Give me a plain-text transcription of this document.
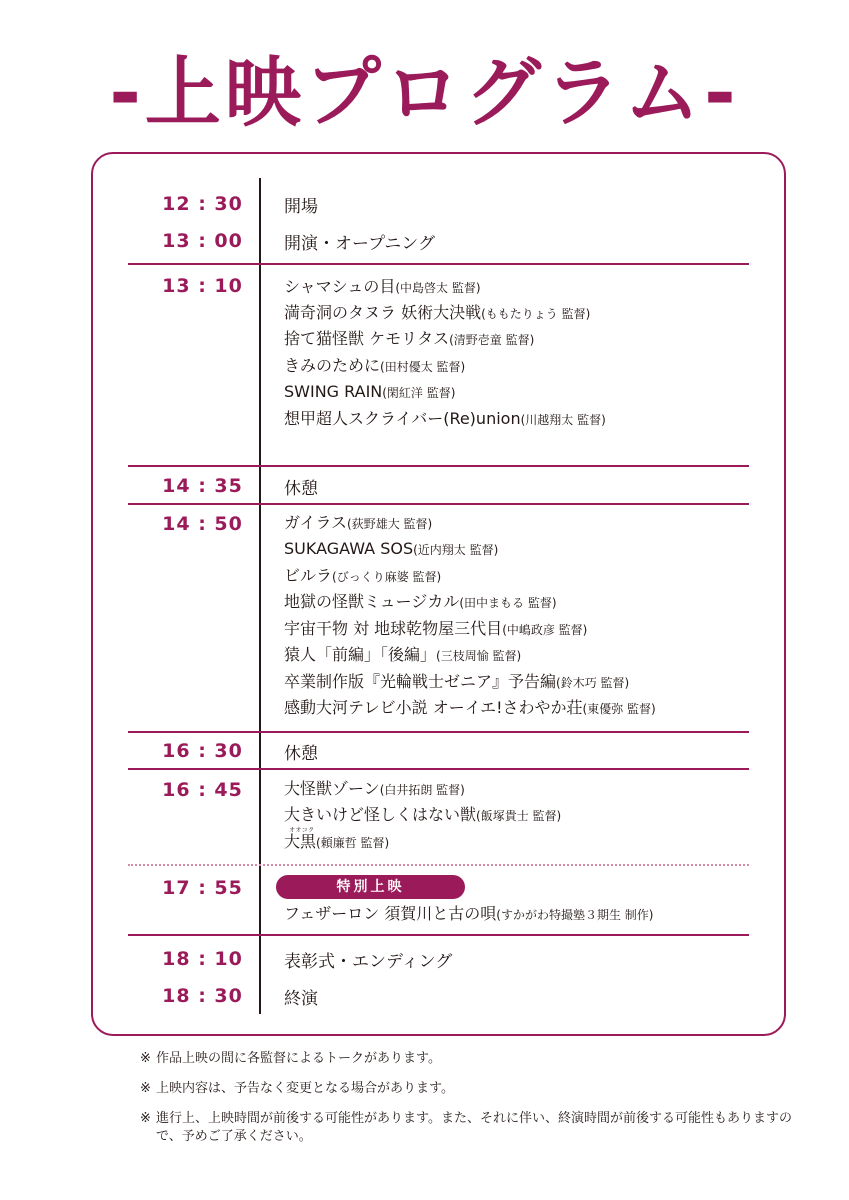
-上映プログラム-
12 : 30	開場
13 : 00	開演・オープニング
13 : 10	シャマシュの目(中島啓太 監督)
満奇洞のタヌラ 妖術大決戦(ももたりょう 監督)
捨て猫怪獣 ケモリタス(清野壱童 監督)
きみのために(田村優太 監督)
SWING RAIN(閑紅洋 監督)
想甲超人スクライバー(Re)union(川越翔太 監督)
14 : 35	休憩
14 : 50	ガイラス(荻野雄大 監督)
SUKAGAWA SOS(近内翔太 監督)
ビルラ(びっくり麻婆 監督)
地獄の怪獣ミュージカル(田中まもる 監督)
宇宙干物 対 地球乾物屋三代目(中嶋政彦 監督)
猿人「前編」「後編」(三枝周愉 監督)
卒業制作版『光輪戦士ゼニア』予告編(鈴木巧 監督)
感動大河テレビ小説 オーイエ!さわやか荘(東優弥 監督)
16 : 30	休憩
16 : 45	大怪獣ゾーン(白井拓朗 監督)
大きいけど怪しくはない獣(飯塚貴士 監督)
オオコク
大黒(頼廉哲 監督)
17 : 55	特別上映
フェザーロン 須賀川と古の唄(すかがわ特撮塾３期生 制作)
18 : 10	表彰式・エンディング
18 : 30	終演
※ 作品上映の間に各監督によるトークがあります。
※ 上映内容は、予告なく変更となる場合があります。
※ 進行上、上映時間が前後する可能性があります。また、それに伴い、終演時間が前後する可能性もありますので、予めご了承ください。
